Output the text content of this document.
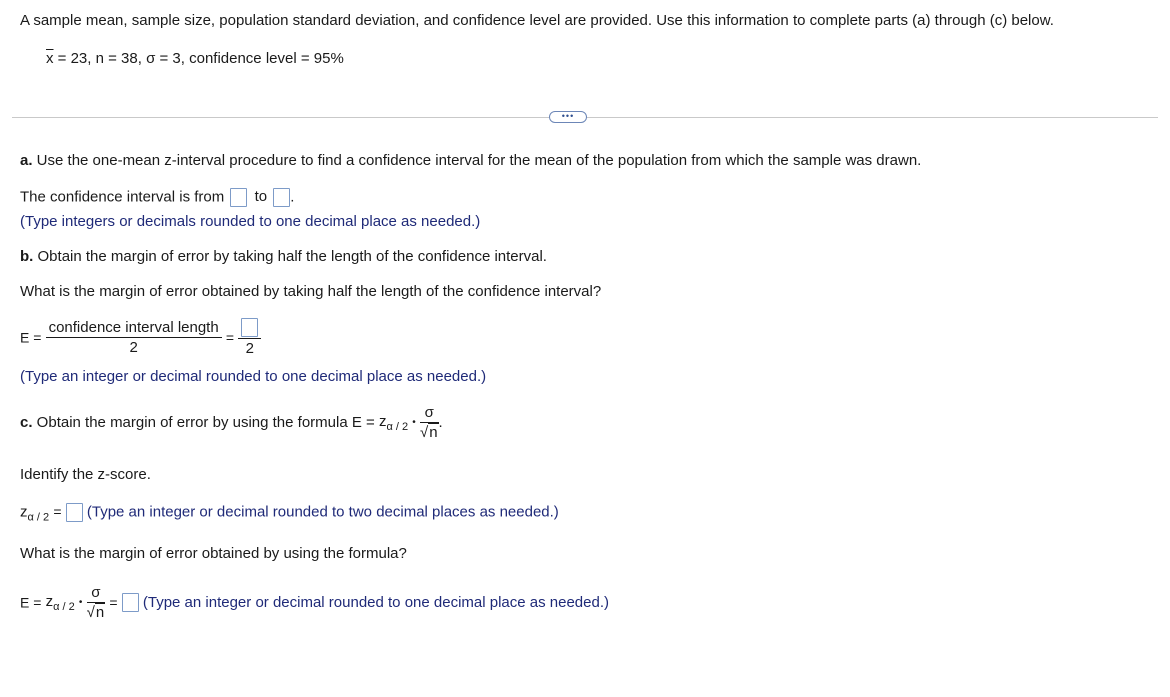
A sample mean, sample size, population standard deviation, and confidence level are provided. Use this information to complete parts (a) through (c) below.
$\overline{x} = 23$, n = 38, σ = 3, confidence level = 95%
•••
a. Use the one-mean z-interval procedure to find a confidence interval for the mean of the population from which the sample was drawn.
The confidence interval is from to .
(Type integers or decimals rounded to one decimal place as needed.)
b. Obtain the margin of error by taking half the length of the confidence interval.
What is the margin of error obtained by taking half the length of the confidence interval?
$E = \frac{\text{confidence interval length}}{2}$ =
2
(Type an integer or decimal rounded to one decimal place as needed.)
c. Obtain the margin of error by using the formula $E = z_{\alpha / 2}$ • $\frac{\sigma}{√n}$ .
Identify the z-score.
$z_{\alpha / 2}$ = (Type an integer or decimal rounded to two decimal places as needed.)
What is the margin of error obtained by using the formula?
$E = z_{\alpha / 2}$ • $\frac{\sigma}{√n}$ = (Type an integer or decimal rounded to one decimal place as needed.)
